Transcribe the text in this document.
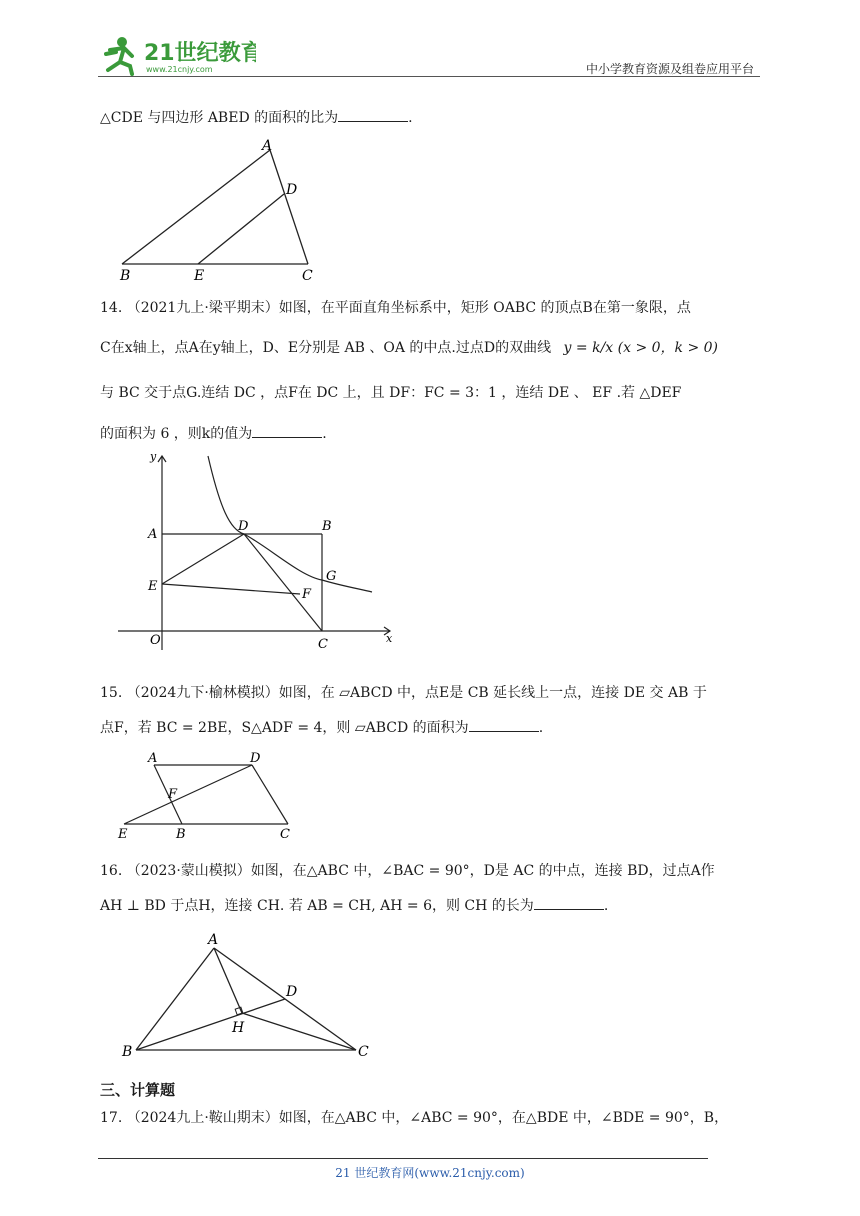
21世纪教育
www.21cnjy.com	中小学教育资源及组卷应用平台
△CDE 与四边形 ABED 的面积的比为	.
A
D
B	E	C
14. （2021九上·梁平期末）如图，在平面直角坐标系中，矩形 OABC 的顶点B在第一象限，点
C在x轴上，点A在y轴上，D、E分别是 AB 、OA 的中点.过点D的双曲线 y = k/x (x > 0，k > 0)
与 BC 交于点G.连结 DC ，点F在 DC 上，且 DF：FC = 3：1 ，连结 DE 、 EF .若 △DEF
的面积为 6 ，则k的值为	.
y
x
O
A
D	B
E
F
G
C
15. （2024九下·榆林模拟）如图，在 ▱ABCD 中，点E是 CB 延长线上一点，连接 DE 交 AB 于
点F，若 BC = 2BE，S△ADF = 4，则 ▱ABCD 的面积为	.
A	D
F
E	B	C
16. （2023·蒙山模拟）如图，在△ABC 中，∠BAC = 90°，D是 AC 的中点，连接 BD，过点A作
AH ⊥ BD 于点H，连接 CH. 若 AB = CH, AH = 6，则 CH 的长为	.
A
D
H
B	C
三、计算题
17. （2024九上·鞍山期末）如图，在△ABC 中，∠ABC = 90°，在△BDE 中，∠BDE = 90°，B，
21 世纪教育网(www.21cnjy.com)
